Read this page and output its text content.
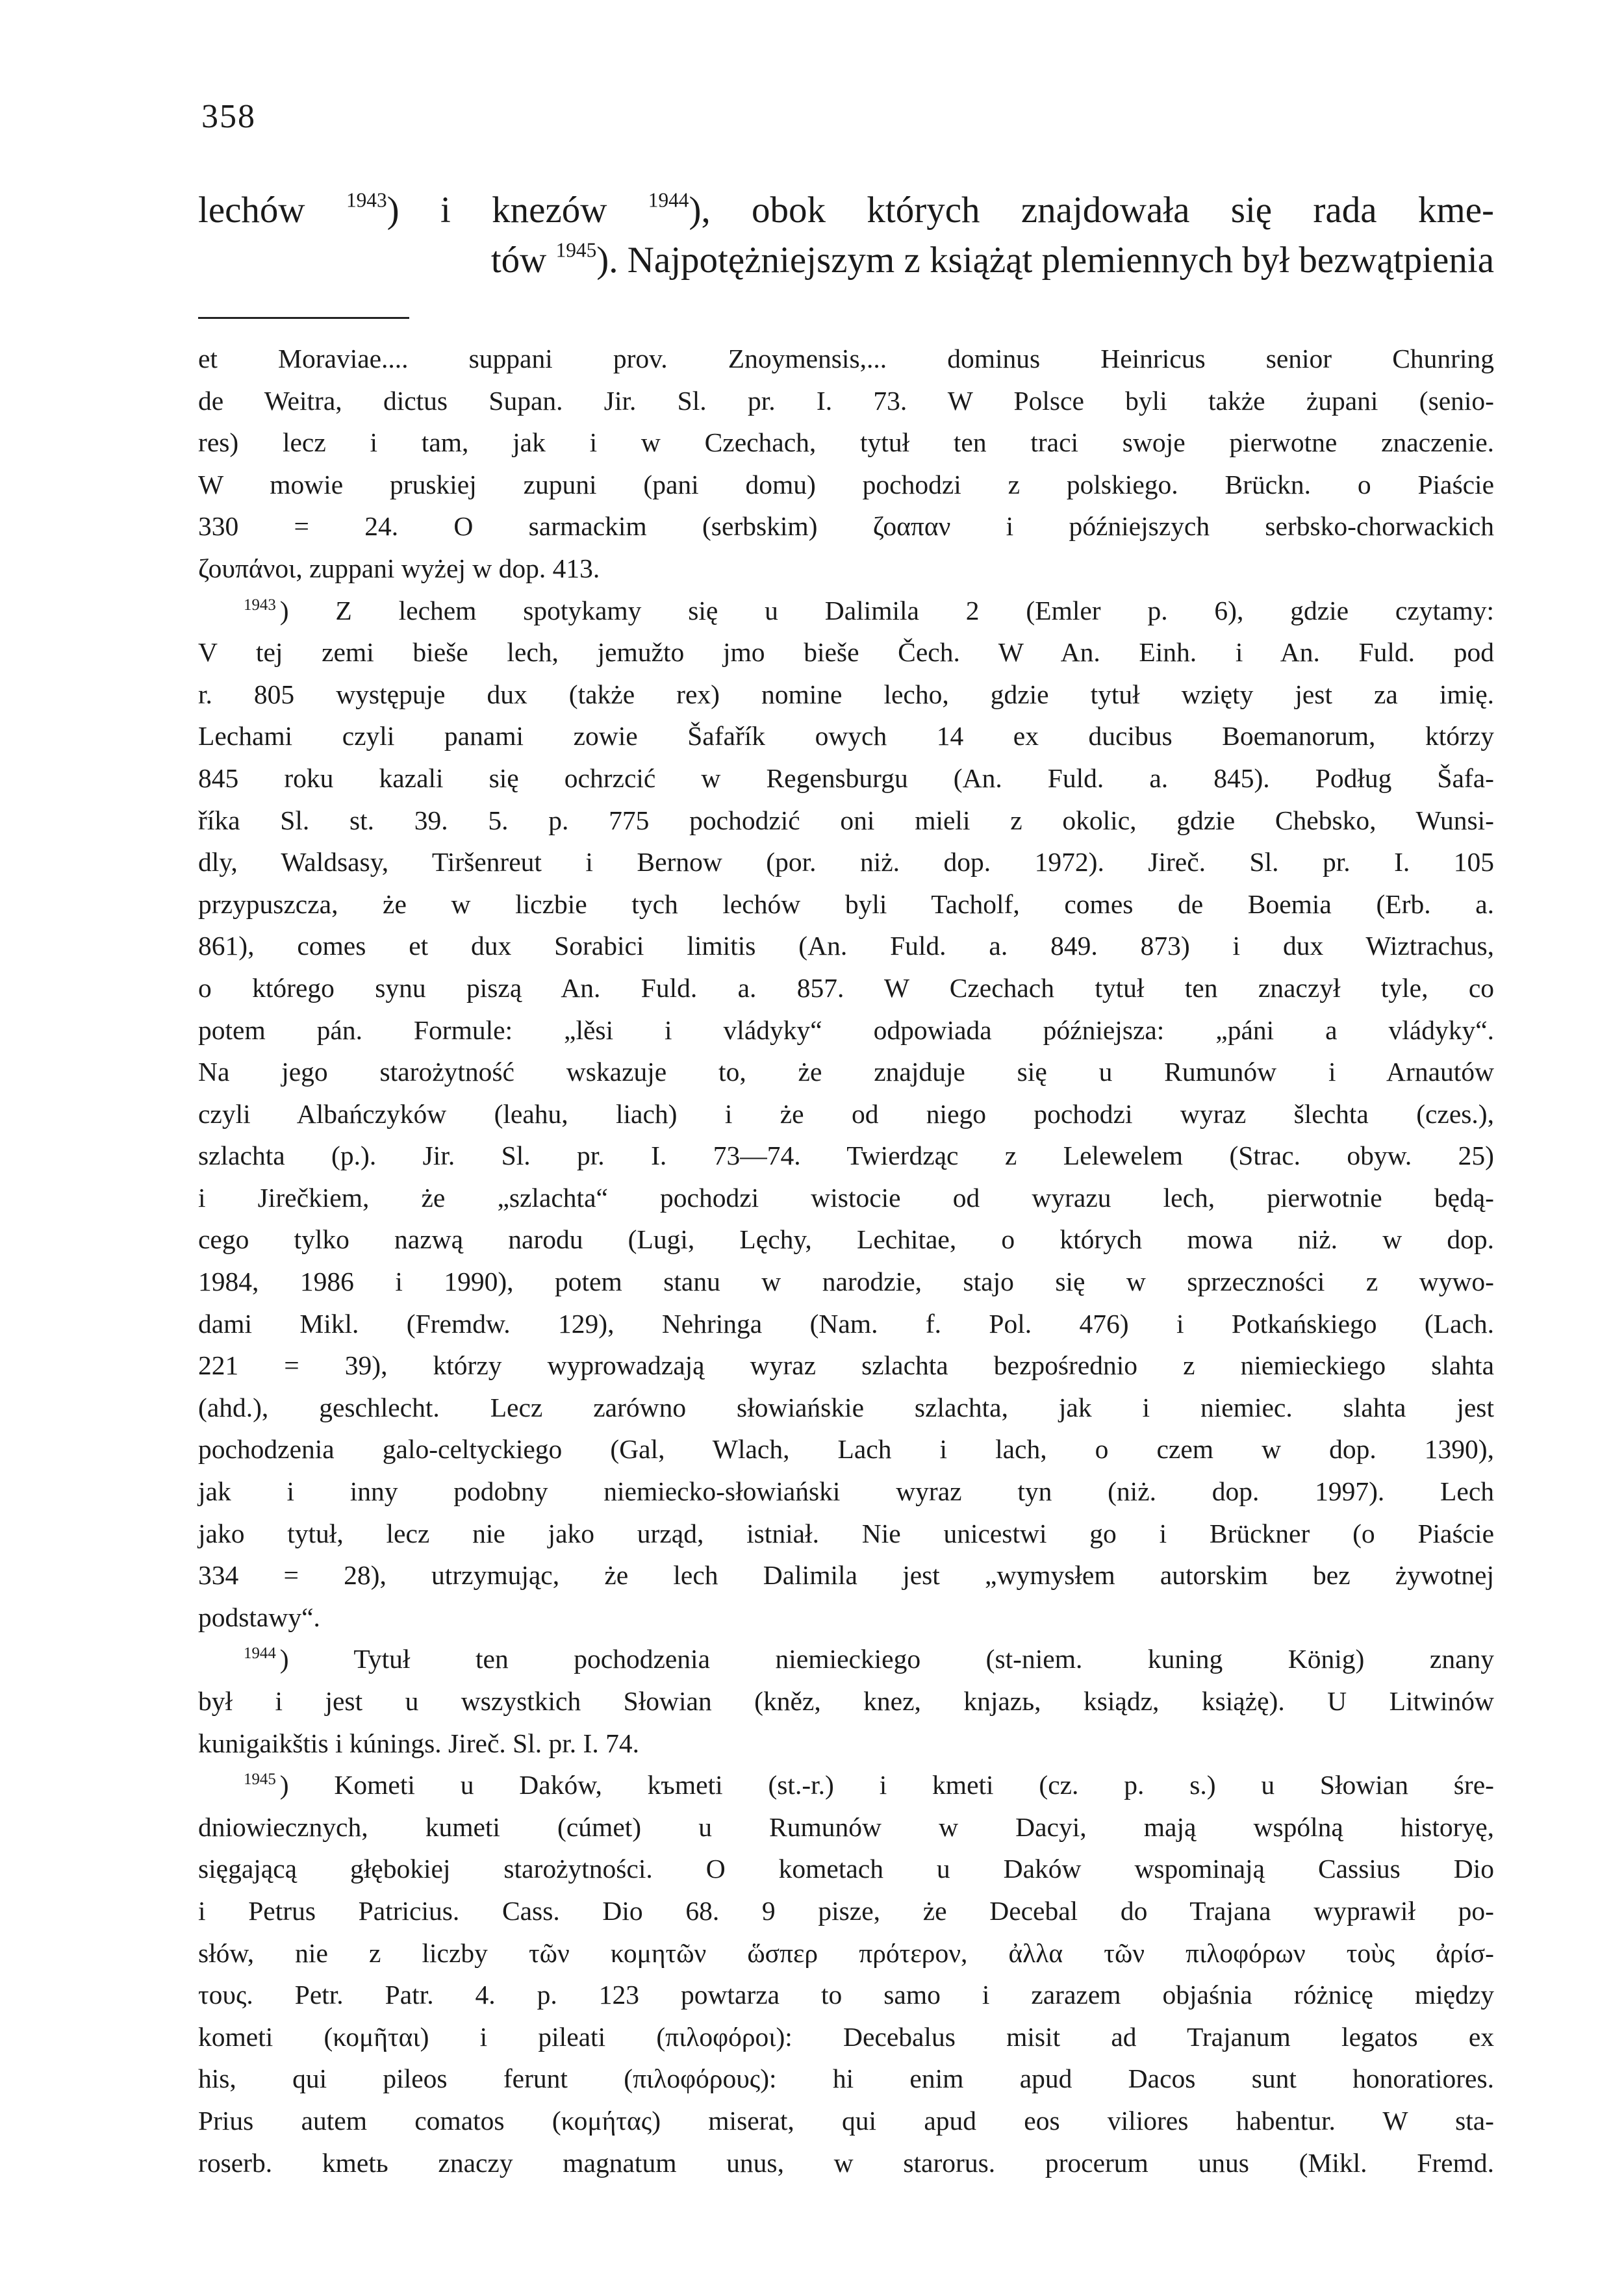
358
lechów $^{1943}$) i knezów $^{1944}$), obok których znajdowała się rada kme-
tów $^{1945}$). Najpotężniejszym z książąt plemiennych był bezwątpienia
et Moraviae.... suppani prov. Znoymensis,... dominus Heinricus senior Chunring
de Weitra, dictus Supan. Jir. Sl. pr. I. 73. W Polsce byli także żupani (senio-
res) lecz i tam, jak i w Czechach, tytuł ten traci swoje pierwotne znaczenie.
W mowie pruskiej zupuni (pani domu) pochodzi z polskiego. Brückn. o Piaście
330 = 24. O sarmackim (serbskim) ζοαπαν i późniejszych serbsko-chorwackich
ζουπάνοι, zuppani wyżej w dop. 413.
$^{1943}$ ) Z lechem spotykamy się u Dalimila 2 (Emler p. 6), gdzie czytamy:
V tej zemi bieše lech, jemužto jmo bieše Čech. W An. Einh. i An. Fuld. pod
r. 805 występuje dux (także rex) nomine lecho, gdzie tytuł wzięty jest za imię.
Lechami czyli panami zowie Šafařík owych 14 ex ducibus Boemanorum, którzy
845 roku kazali się ochrzcić w Regensburgu (An. Fuld. a. 845). Podług Šafa-
říka Sl. st. 39. 5. p. 775 pochodzić oni mieli z okolic, gdzie Chebsko, Wunsi-
dly, Waldsasy, Tiršenreut i Bernow (por. niż. dop. 1972). Jireč. Sl. pr. I. 105
przypuszcza, że w liczbie tych lechów byli Tacholf, comes de Boemia (Erb. a.
861), comes et dux Sorabici limitis (An. Fuld. a. 849. 873) i dux Wiztrachus,
o którego synu piszą An. Fuld. a. 857. W Czechach tytuł ten znaczył tyle, co
potem pán. Formule: „lěsi i vládyky“ odpowiada późniejsza: „páni a vládyky“.
Na jego starożytność wskazuje to, że znajduje się u Rumunów i Arnautów
czyli Albańczyków (leahu, liach) i że od niego pochodzi wyraz šlechta (czes.),
szlachta (p.). Jir. Sl. pr. I. 73—74. Twierdząc z Lelewelem (Strac. obyw. 25)
i Jirečkiem, że „szlachta“ pochodzi wistocie od wyrazu lech, pierwotnie będą-
cego tylko nazwą narodu (Lugi, Lęchy, Lechitae, o których mowa niż. w dop.
1984, 1986 i 1990), potem stanu w narodzie, stajo się w sprzeczności z wywo-
dami Mikl. (Fremdw. 129), Nehringa (Nam. f. Pol. 476) i Potkańskiego (Lach.
221 = 39), którzy wyprowadzają wyraz szlachta bezpośrednio z niemieckiego slahta
(ahd.), geschlecht. Lecz zarówno słowiańskie szlachta, jak i niemiec. slahta jest
pochodzenia galo-celtyckiego (Gal, Wlach, Lach i lach, o czem w dop. 1390),
jak i inny podobny niemiecko-słowiański wyraz tyn (niż. dop. 1997). Lech
jako tytuł, lecz nie jako urząd, istniał. Nie unicestwi go i Brückner (o Piaście
334 = 28), utrzymując, że lech Dalimila jest „wymysłem autorskim bez żywotnej
podstawy“.
$^{1944}$ ) Tytuł ten pochodzenia niemieckiego (st-niem. kuning König) znany
był i jest u wszystkich Słowian (kněz, knez, knjazь, ksiądz, książę). U Litwinów
kunigaikštis i kúnings. Jireč. Sl. pr. I. 74.
$^{1945}$ ) Kometi u Daków, kъmeti (st.-r.) i kmeti (cz. p. s.) u Słowian śre-
dniowiecznych, kumeti (cúmet) u Rumunów w Dacyi, mają wspólną historyę,
sięgającą głębokiej starożytności. O kometach u Daków wspominają Cassius Dio
i Petrus Patricius. Cass. Dio 68. 9 pisze, że Decebal do Trajana wyprawił po-
słów, nie z liczby τῶν κομητῶν ὥσπερ πρότερον, ἀλλα τῶν πιλοφόρων τοὺς ἀρίσ-
τους. Petr. Patr. 4. p. 123 powtarza to samo i zarazem objaśnia różnicę między
kometi (κομῆται) i pileati (πιλοφόροι): Decebalus misit ad Trajanum legatos ex
his, qui pileos ferunt (πιλοφόρους): hi enim apud Dacos sunt honoratiores.
Prius autem comatos (κομήτας) miserat, qui apud eos viliores habentur. W sta-
roserb. kmetь znaczy magnatum unus, w starorus. procerum unus (Mikl. Fremd.
